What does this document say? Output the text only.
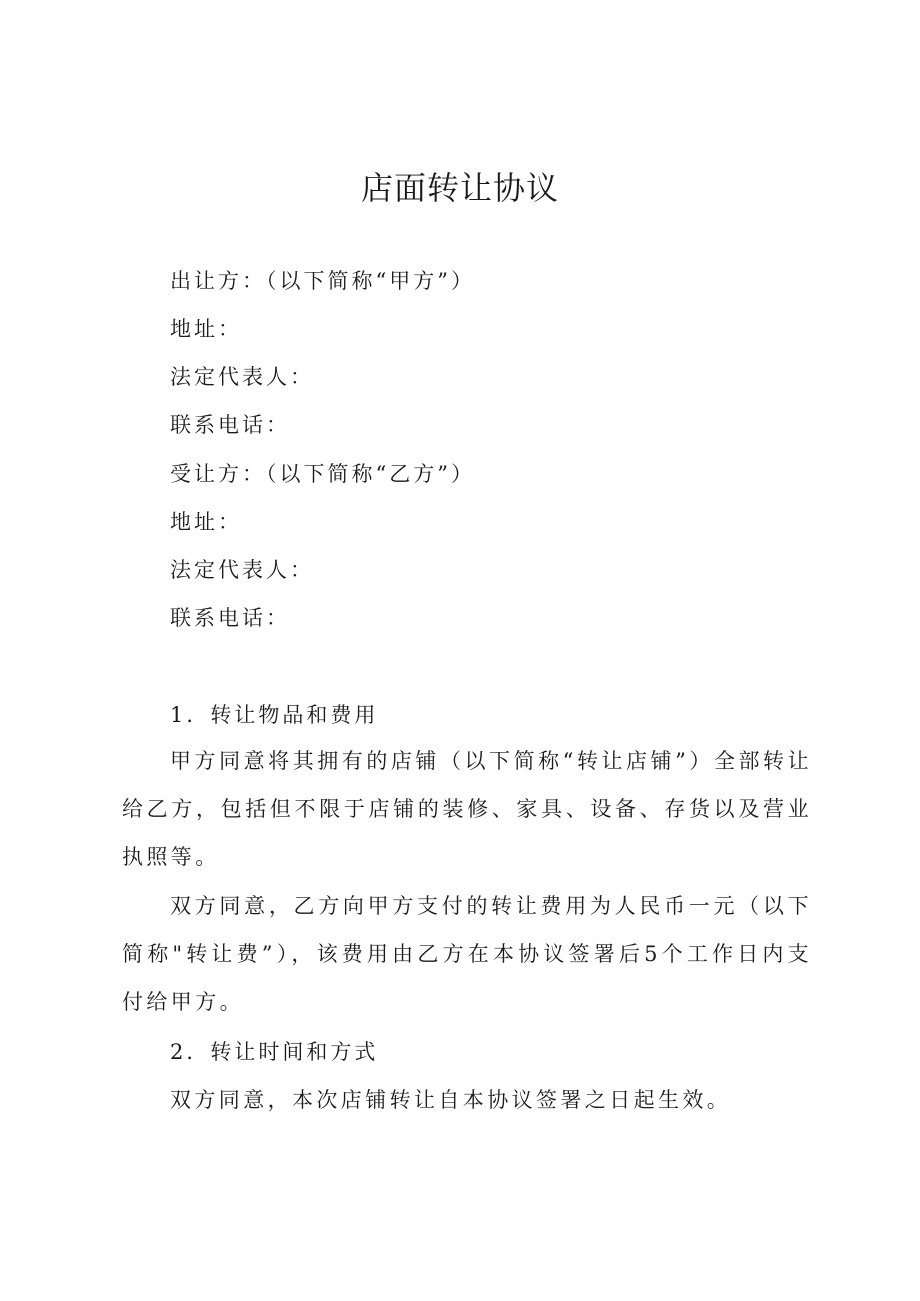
店面转让协议
出让方：（以下简称“甲方”）
地址：
法定代表人：
联系电话：
受让方：（以下简称“乙方”）
地址：
法定代表人：
联系电话：
1．转让物品和费用
甲方同意将其拥有的店铺（以下简称“转让店铺”）全部转让给乙方，包括但不限于店铺的装修、家具、设备、存货以及营业执照等。
双方同意，乙方向甲方支付的转让费用为人民币一元（以下简称"转让费”），该费用由乙方在本协议签署后5个工作日内支付给甲方。
2．转让时间和方式
双方同意，本次店铺转让自本协议签署之日起生效。
